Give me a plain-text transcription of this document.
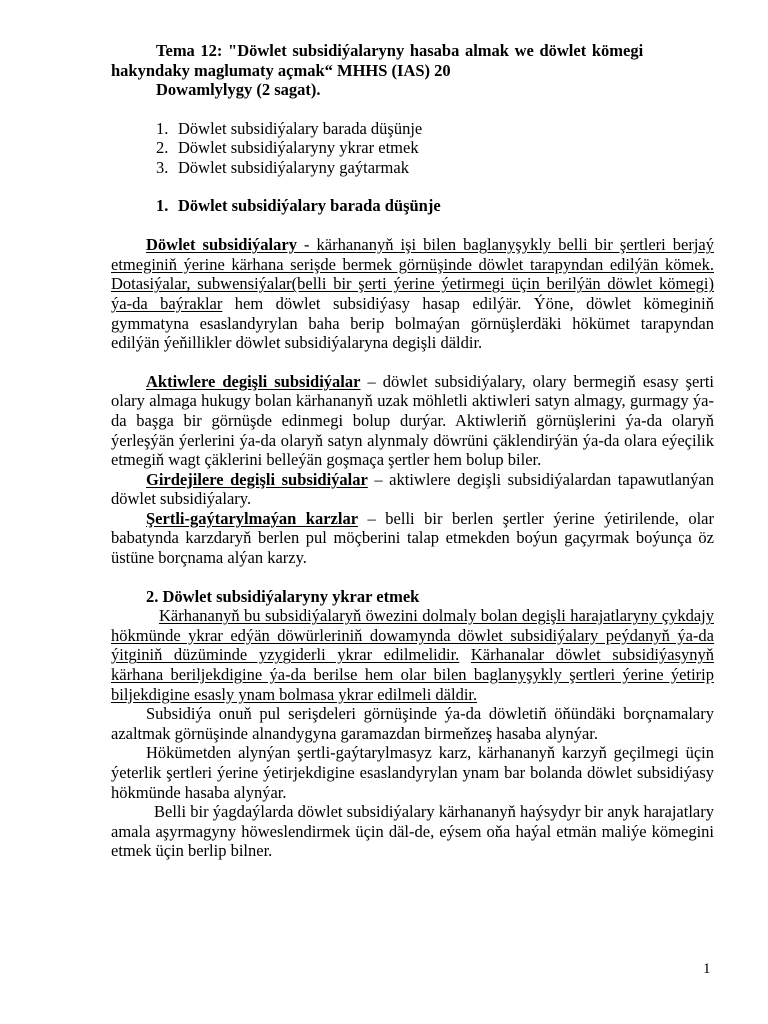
Tema 12: "Döwlet subsidiýalaryny hasaba almak we döwlet kömegi
hakyndaky maglumaty açmak“ MHHS (IAS) 20
Dowamlylygy (2 sagat).
1. Döwlet subsidiýalary barada düşünje
2. Döwlet subsidiýalaryny ykrar etmek
3. Döwlet subsidiýalaryny gaýtarmak
1. Döwlet subsidiýalary barada düşünje

Döwlet subsidiýalary - kärhananyň işi bilen baglanyşykly belli bir şertleri berjaý etmeginiň ýerine kärhana serişde bermek görnüşinde döwlet tarapyndan edilýän kömek. Dotasiýalar, subwensiýalar(belli bir şerti ýerine ýetirmegi üçin berilýän döwlet kömegi) ýa-da baýraklar hem döwlet subsidiýasy hasap edilýär. Ýöne, döwlet kömeginiň gymmatyna esaslandyrylan baha berip bolmaýan görnüşlerdäki hökümet tarapyndan edilýän ýeňillikler döwlet subsidiýalaryna degişli däldir.

Aktiwlere degişli subsidiýalar – döwlet subsidiýalary, olary bermegiň esasy şerti olary almaga hukugy bolan kärhananyň uzak möhletli aktiwleri satyn almagy, gurmagy ýa-da başga bir görnüşde edinmegi bolup durýar. Aktiwleriň görnüşlerini ýa-da olaryň ýerleşýän ýerlerini ýa-da olaryň satyn alynmaly döwrüni çäklendirýän ýa-da olara eýeçilik etmegiň wagt çäklerini belleýän goşmaça şertler hem bolup biler.

Girdejilere degişli subsidiýalar – aktiwlere degişli subsidiýalardan tapawutlanýan döwlet subsidiýalary.

Şertli-gaýtarylmaýan karzlar – belli bir berlen şertler ýerine ýetirilende, olar babatynda karzdaryň berlen pul möçberini talap etmekden boýun gaçyrmak boýunça öz üstüne borçnama alýan karzy.

2. Döwlet subsidiýalaryny ykrar etmek

Kärhananyň bu subsidiýalaryň öwezini dolmaly bolan degişli harajatlaryny çykdajy hökmünde ykrar edýän döwürleriniň dowamynda döwlet subsidiýalary peýdanyň ýa-da ýitginiň düzüminde yzygiderli ykrar edilmelidir. Kärhanalar döwlet subsidiýasynyň kärhana beriljekdigine ýa-da berilse hem olar bilen baglanyşykly şertleri ýerine ýetirip biljekdigine esasly ynam bolmasa ykrar edilmeli däldir.

Subsidiýa onuň pul serişdeleri görnüşinde ýa-da döwletiň öňündäki borçnamalary azaltmak görnüşinde alnandygyna garamazdan birmeňzeş hasaba alynýar.

Hökümetden alynýan şertli-gaýtarylmasyz karz, kärhananyň karzyň geçilmegi üçin ýeterlik şertleri ýerine ýetirjekdigine esaslandyrylan ynam bar bolanda döwlet subsidiýasy hökmünde hasaba alynýar.

Belli bir ýagdaýlarda döwlet subsidiýalary kärhananyň haýsydyr bir anyk harajatlary amala aşyrmagyny höweslendirmek üçin däl-de, eýsem oňa haýal etmän maliýe kömegini etmek üçin berlip bilner.

1
